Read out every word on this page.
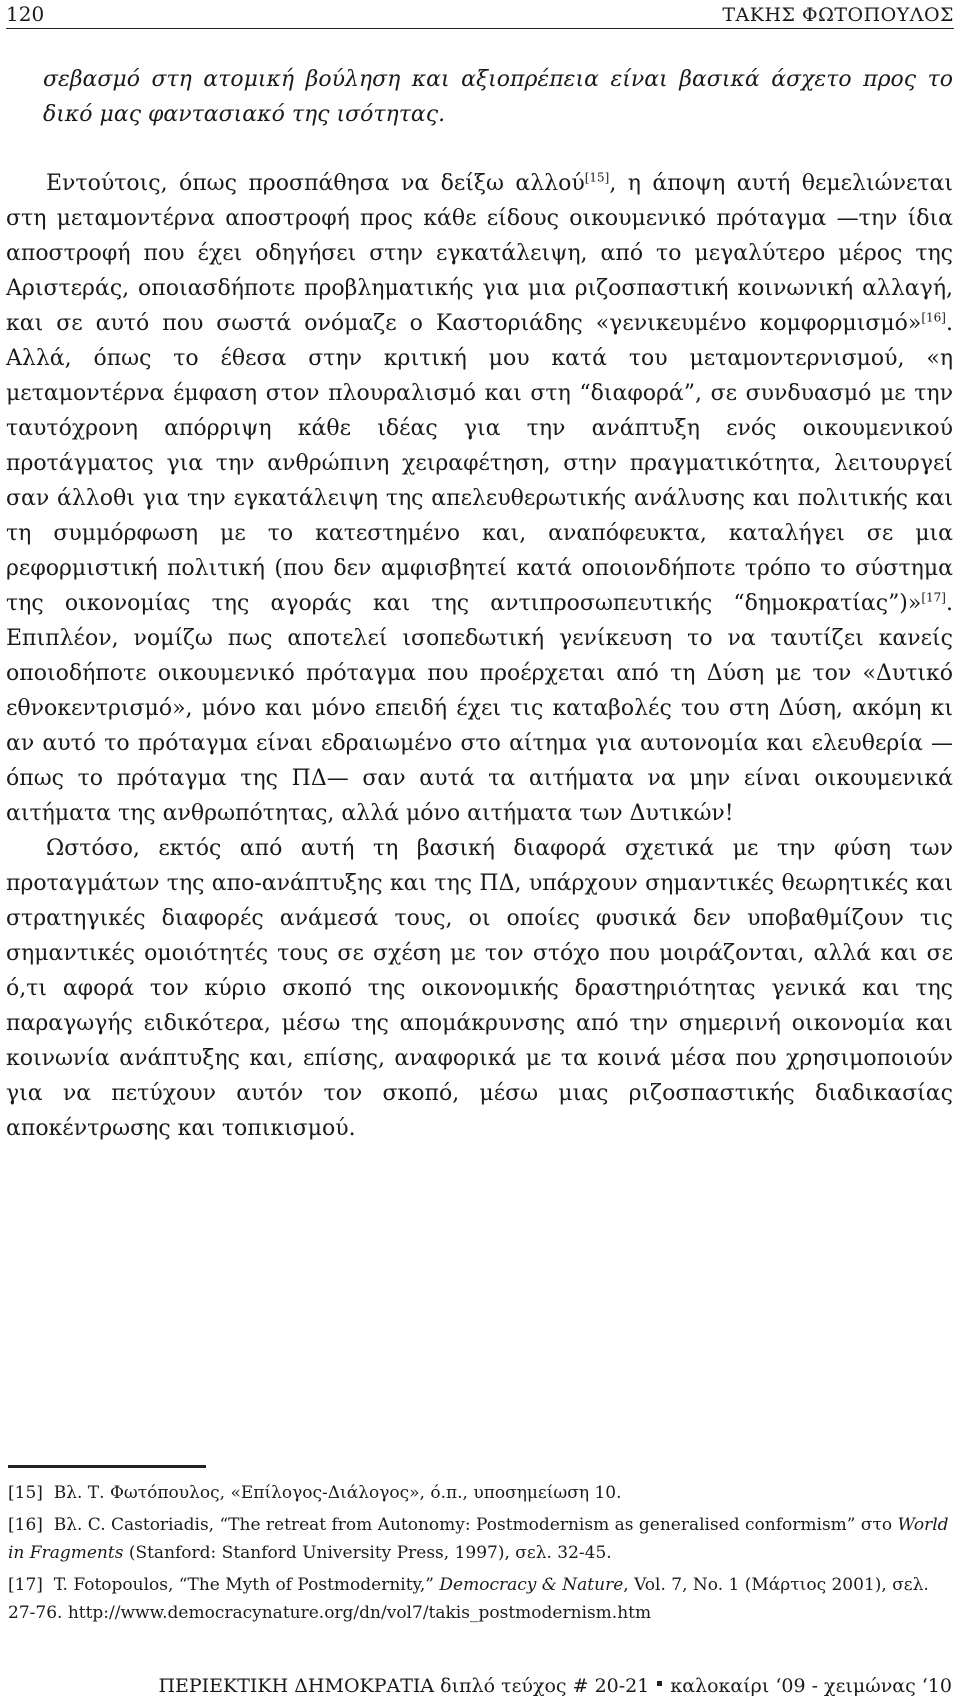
120	ΤΑΚΗΣ ΦΩΤΟΠΟΥΛΟΣ

σεβασμό στη ατομική βούληση και αξιοπρέπεια είναι βασικά άσχετο προς το δικό μας φαντασιακό της ισότητας.

Εντούτοις, όπως προσπάθησα να δείξω αλλού[15], η άποψη αυτή θεμελιώνεται στη μεταμοντέρνα αποστροφή προς κάθε είδους οικουμενικό πρόταγμα —την ίδια αποστροφή που έχει οδηγήσει στην εγκατάλειψη, από το μεγαλύτερο μέρος της Αριστεράς, οποιασδήποτε προβληματικής για μια ριζοσπαστική κοινωνική αλλαγή, και σε αυτό που σωστά ονόμαζε ο Καστοριάδης «γενικευμένο κομφορμισμό»[16]. Αλλά, όπως το έθεσα στην κριτική μου κατά του μεταμοντερνισμού, «η μεταμοντέρνα έμφαση στον πλουραλισμό και στη “διαφορά”, σε συνδυασμό με την ταυτόχρονη απόρριψη κάθε ιδέας για την ανάπτυξη ενός οικουμενικού προτάγματος για την ανθρώπινη χειραφέτηση, στην πραγματικότητα, λειτουργεί σαν άλλοθι για την εγκατάλειψη της απελευθερωτικής ανάλυσης και πολιτικής και τη συμμόρφωση με το κατεστημένο και, αναπόφευκτα, καταλήγει σε μια ρεφορμιστική πολιτική (που δεν αμφισβητεί κατά οποιονδήποτε τρόπο το σύστημα της οικονομίας της αγοράς και της αντιπροσωπευτικής “δημοκρατίας”)»[17]. Επιπλέον, νομίζω πως αποτελεί ισοπεδωτική γενίκευση το να ταυτίζει κανείς οποιοδήποτε οικουμενικό πρόταγμα που προέρχεται από τη Δύση με τον «Δυτικό εθνοκεντρισμό», μόνο και μόνο επειδή έχει τις καταβολές του στη Δύση, ακόμη κι αν αυτό το πρόταγμα είναι εδραιωμένο στο αίτημα για αυτονομία και ελευθερία —όπως το πρόταγμα της ΠΔ— σαν αυτά τα αιτήματα να μην είναι οικουμενικά αιτήματα της ανθρωπότητας, αλλά μόνο αιτήματα των Δυτικών!

Ωστόσο, εκτός από αυτή τη βασική διαφορά σχετικά με την φύση των προταγμάτων της απο-ανάπτυξης και της ΠΔ, υπάρχουν σημαντικές θεωρητικές και στρατηγικές διαφορές ανάμεσά τους, οι οποίες φυσικά δεν υποβαθμίζουν τις σημαντικές ομοιότητές τους σε σχέση με τον στόχο που μοιράζονται, αλλά και σε ό,τι αφορά τον κύριο σκοπό της οικονομικής δραστηριότητας γενικά και της παραγωγής ειδικότερα, μέσω της απομάκρυνσης από την σημερινή οικονομία και κοινωνία ανάπτυξης και, επίσης, αναφορικά με τα κοινά μέσα που χρησιμοποιούν για να πετύχουν αυτόν τον σκοπό, μέσω μιας ριζοσπαστικής διαδικασίας αποκέντρωσης και τοπικισμού.

[15] Βλ. Τ. Φωτόπουλος, «Επίλογος-Διάλογος», ό.π., υποσημείωση 10.

[16] Βλ. C. Castoriadis, “The retreat from Autonomy: Postmodernism as generalised conformism” στο World in Fragments (Stanford: Stanford University Press, 1997), σελ. 32-45.

[17] T. Fotopoulos, “The Myth of Postmodernity,” Democracy & Nature, Vol. 7, No. 1 (Μάρτιος 2001), σελ. 27-76. http://www.democracynature.org/dn/vol7/takis_postmodernism.htm

ΠΕΡΙΕΚΤΙΚΗ ΔΗΜΟΚΡΑΤΙΑ διπλό τεύχος # 20-21 καλοκαίρι ‘09 - χειμώνας ‘10
